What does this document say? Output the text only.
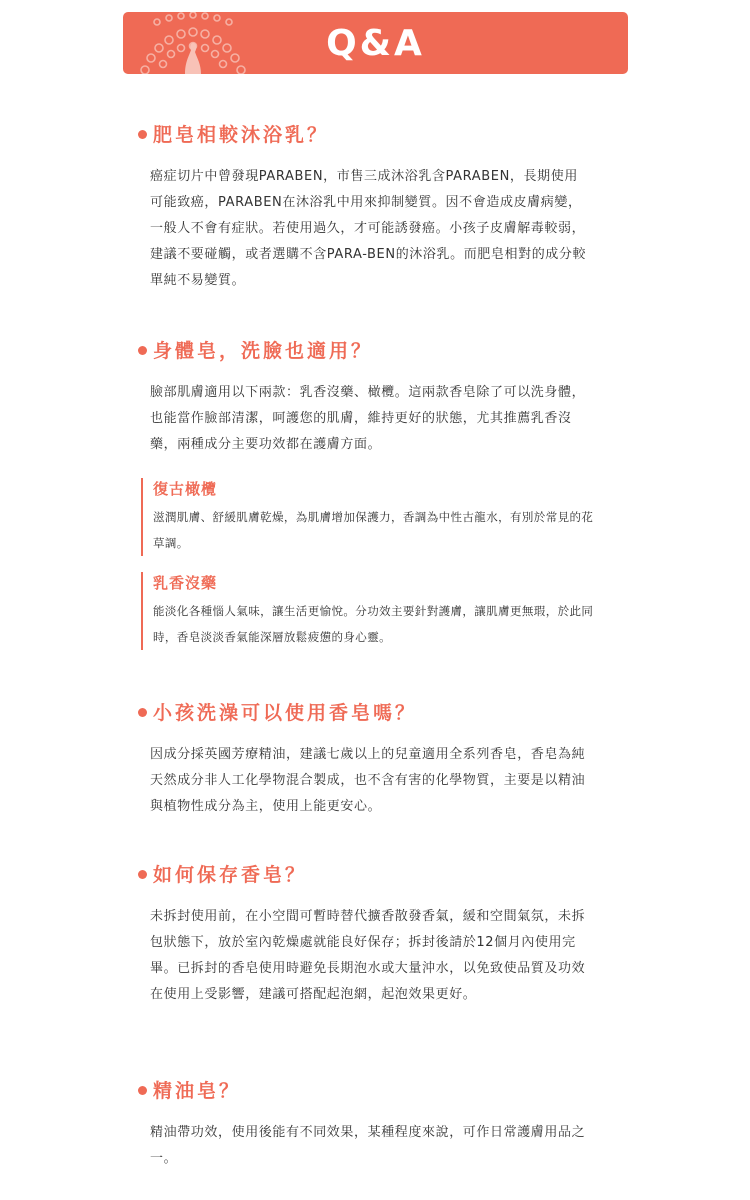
Q&A
肥皂相較沐浴乳？
癌症切片中曾發現PARABEN，市售三成沐浴乳含PARABEN，長期使用可能致癌，PARABEN在沐浴乳中用來抑制變質。因不會造成皮膚病變，一般人不會有症狀。若使用過久，才可能誘發癌。小孩子皮膚解毒較弱，建議不要碰觸，或者選購不含PARA-BEN的沐浴乳。而肥皂相對的成分較單純不易變質。
身體皂，洗臉也適用？
臉部肌膚適用以下兩款：乳香沒藥、橄欖。這兩款香皂除了可以洗身體，也能當作臉部清潔，呵護您的肌膚，維持更好的狀態，尤其推薦乳香沒藥，兩種成分主要功效都在護膚方面。
復古橄欖
滋潤肌膚、舒緩肌膚乾燥，為肌膚增加保護力，香調為中性古龍水，有別於常見的花草調。
乳香沒藥
能淡化各種惱人氣味，讓生活更愉悅。分功效主要針對護膚，讓肌膚更無瑕，於此同時，香皂淡淡香氣能深層放鬆疲憊的身心靈。
小孩洗澡可以使用香皂嗎？
因成分採英國芳療精油，建議七歲以上的兒童適用全系列香皂，香皂為純天然成分非人工化學物混合製成，也不含有害的化學物質，主要是以精油與植物性成分為主，使用上能更安心。
如何保存香皂？
未拆封使用前，在小空間可暫時替代擴香散發香氣，緩和空間氣氛，未拆包狀態下，放於室內乾燥處就能良好保存；拆封後請於12個月內使用完畢。已拆封的香皂使用時避免長期泡水或大量沖水，以免致使品質及功效在使用上受影響，建議可搭配起泡網，起泡效果更好。
精油皂？
精油帶功效，使用後能有不同效果，某種程度來說，可作日常護膚用品之一。
